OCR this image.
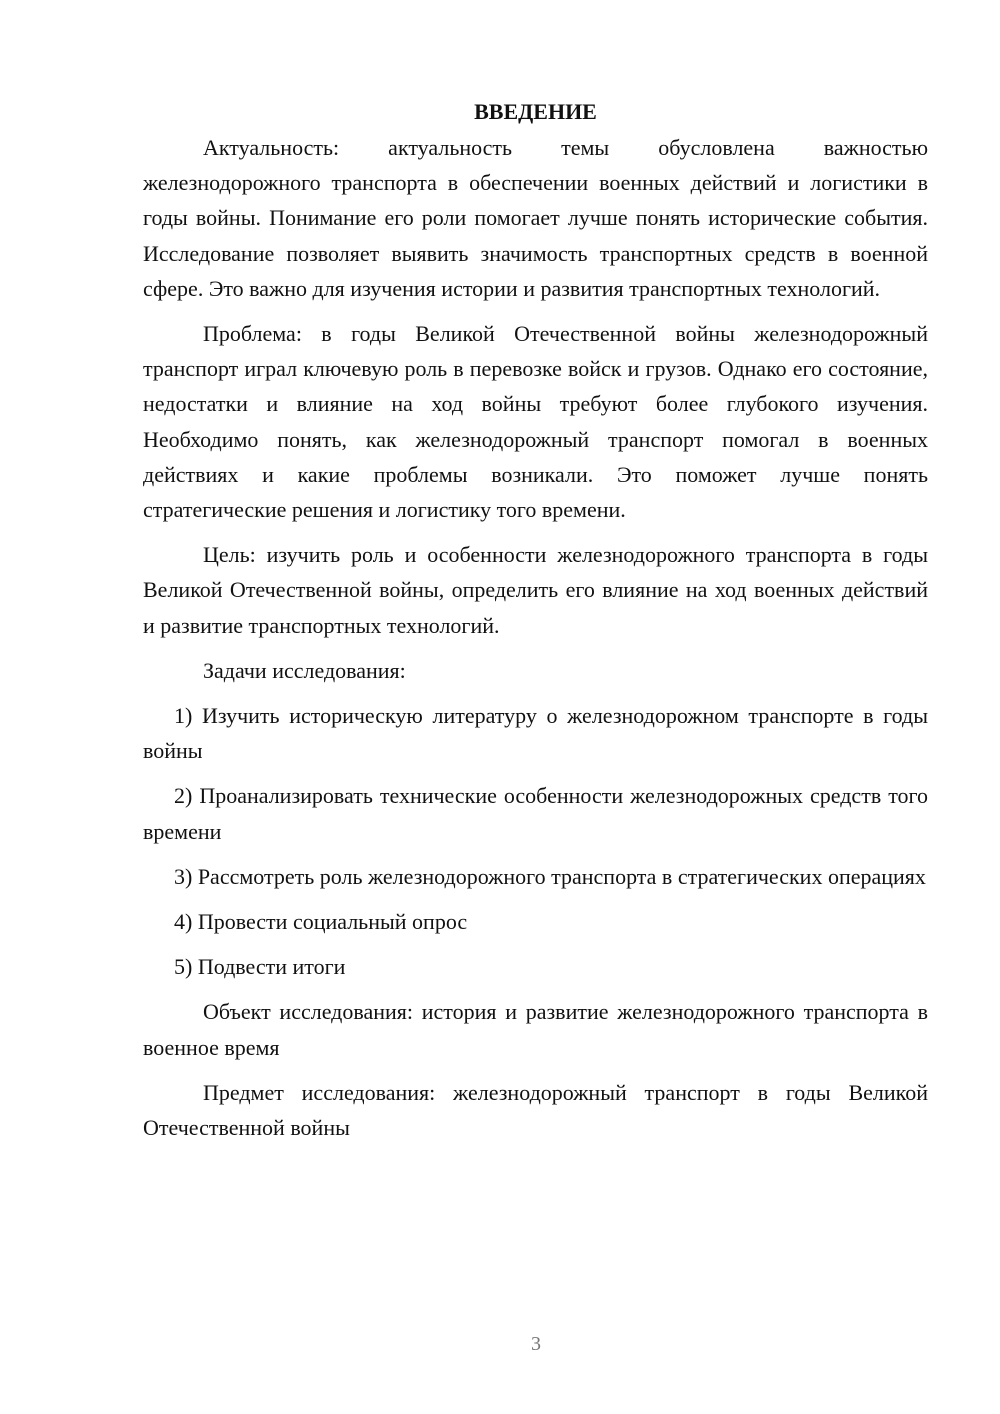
ВВЕДЕНИЕ

Актуальность: актуальность темы обусловлена важностью железнодорожного транспорта в обеспечении военных действий и логистики в годы войны. Понимание его роли помогает лучше понять исторические события. Исследование позволяет выявить значимость транспортных средств в военной сфере. Это важно для изучения истории и развития транспортных технологий.

Проблема: в годы Великой Отечественной войны железнодорожный транспорт играл ключевую роль в перевозке войск и грузов. Однако его состояние, недостатки и влияние на ход войны требуют более глубокого изучения. Необходимо понять, как железнодорожный транспорт помогал в военных действиях и какие проблемы возникали. Это поможет лучше понять стратегические решения и логистику того времени.

Цель: изучить роль и особенности железнодорожного транспорта в годы Великой Отечественной войны, определить его влияние на ход военных действий и развитие транспортных технологий.

Задачи исследования:

1) Изучить историческую литературу о железнодорожном транспорте в годы войны

2) Проанализировать технические особенности железнодорожных средств того времени

3) Рассмотреть роль железнодорожного транспорта в стратегических операциях

4) Провести социальный опрос

5) Подвести итоги

Объект исследования: история и развитие железнодорожного транспорта в военное время

Предмет исследования: железнодорожный транспорт в годы Великой Отечественной войны

3
